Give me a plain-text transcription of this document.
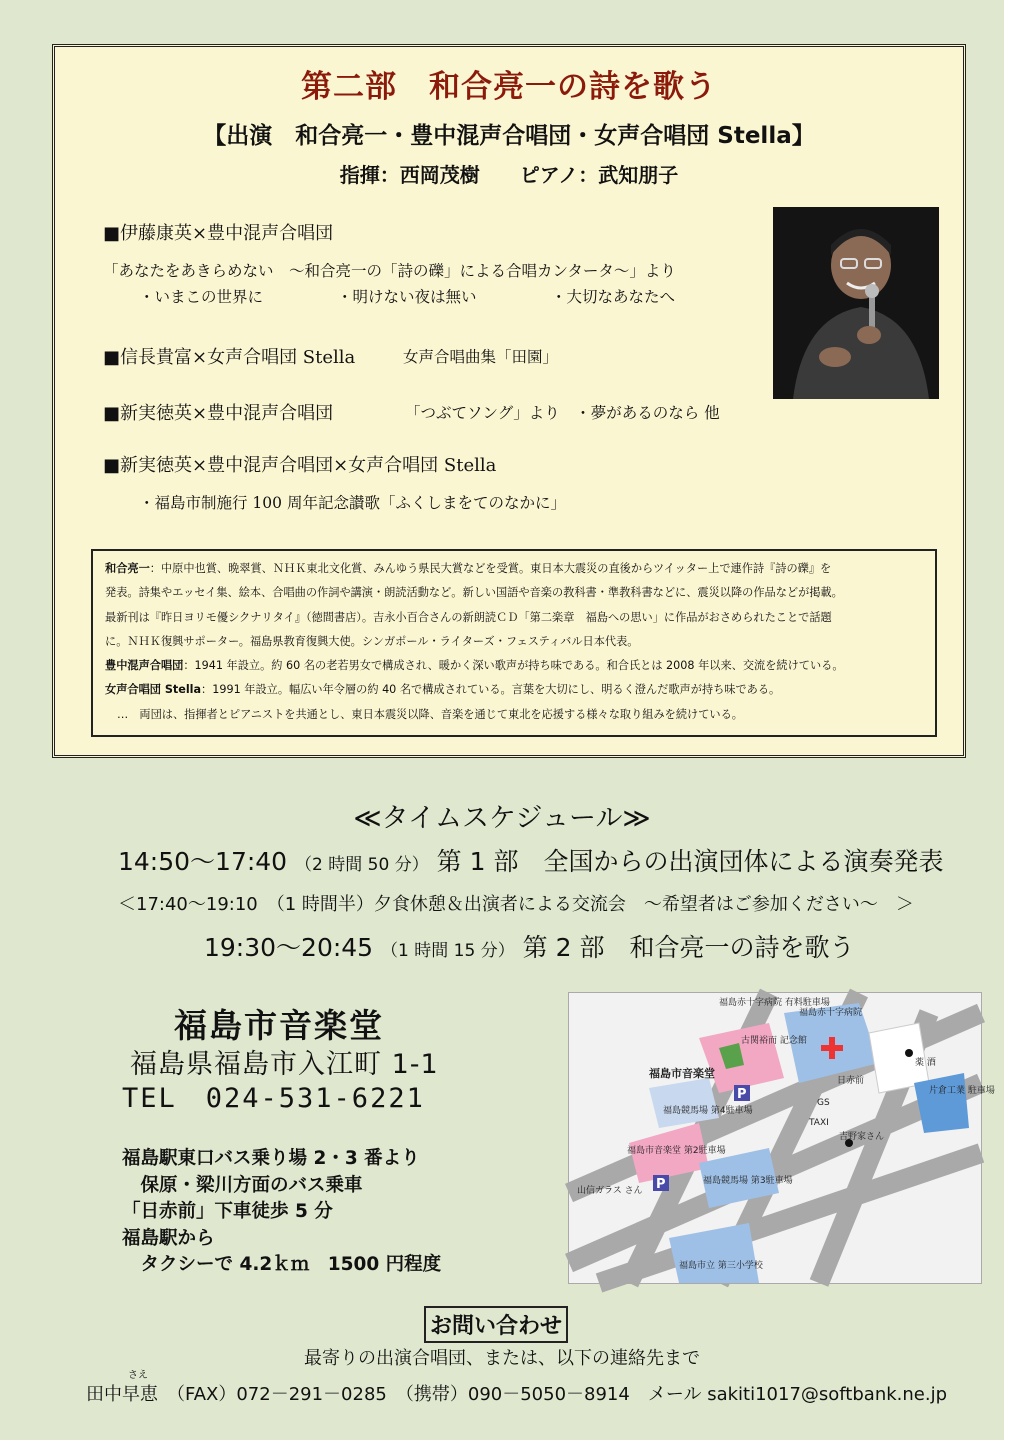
第二部　和合亮一の詩を歌う
【出演　和合亮一・豊中混声合唱団・女声合唱団 Stella】
指揮：西岡茂樹　　ピアノ：武知朋子
■伊藤康英×豊中混声合唱団
「あなたをあきらめない　～和合亮一の「詩の礫」による合唱カンタータ～」より
・いまこの世界に	・明けない夜は無い	・大切なあなたへ
■信長貴富×女声合唱団 Stella	女声合唱曲集「田園」
■新実徳英×豊中混声合唱団	「つぶてソング」より　・夢があるのなら 他
■新実徳英×豊中混声合唱団×女声合唱団 Stella
・福島市制施行 100 周年記念讃歌「ふくしまをてのなかに」

和合亮一：中原中也賞、晩翠賞、ＮＨＫ東北文化賞、みんゆう県民大賞などを受賞。東日本大震災の直後からツイッター上で連作詩『詩の礫』を

発表。詩集やエッセイ集、絵本、合唱曲の作詞や講演・朗読活動など。新しい国語や音楽の教科書・準教科書などに、震災以降の作品などが掲載。

最新刊は『昨日ヨリモ優シクナリタイ』（徳間書店）。吉永小百合さんの新朗読ＣＤ「第二楽章　福島への思い」に作品がおさめられたことで話題

に。ＮＨＫ復興サポーター。福島県教育復興大使。シンガポール・ライターズ・フェスティバル日本代表。

豊中混声合唱団：1941 年設立。約 60 名の老若男女で構成され、暖かく深い歌声が持ち味である。和合氏とは 2008 年以来、交流を続けている。

女声合唱団 Stella：1991 年設立。幅広い年令層の約 40 名で構成されている。言葉を大切にし、明るく澄んだ歌声が持ち味である。

…　両団は、指揮者とピアニストを共通とし、東日本震災以降、音楽を通じて東北を応援する様々な取り組みを続けている。

≪タイムスケジュール≫
14:50～17:40 （2 時間 50 分） 第 1 部　全国からの出演団体による演奏発表
＜17:40～19:10　（1 時間半）夕食休憩＆出演者による交流会　～希望者はご参加ください～　＞
19:30～20:45 （1 時間 15 分） 第 2 部　和合亮一の詩を歌う
福島市音楽堂
福島県福島市入江町 1-1
TEL　024-531-6221
福島駅東口バス乗り場 2・3 番より
　保原・梁川方面のバス乗車
「日赤前」下車徒歩 5 分
福島駅から
　タクシーで 4.2ｋｍ　1500 円程度
P
P
福島赤十字病院 有料駐車場
福島赤十字病院
古関裕而 記念館
福島市音楽堂
日赤前
薬 酒
片倉工業 駐車場
福島競馬場 第4駐車場
福島市音楽堂 第2駐車場
吉野家さん
福島競馬場 第3駐車場
山信ガラス さん
福島市立 第三小学校
GS
TAXI
お問い合わせ
最寄りの出演合唱団、または、以下の連絡先まで
さえ
田中早恵　（FAX）072－291－0285　（携帯）090－5050－8914　メール sakiti1017@softbank.ne.jp
